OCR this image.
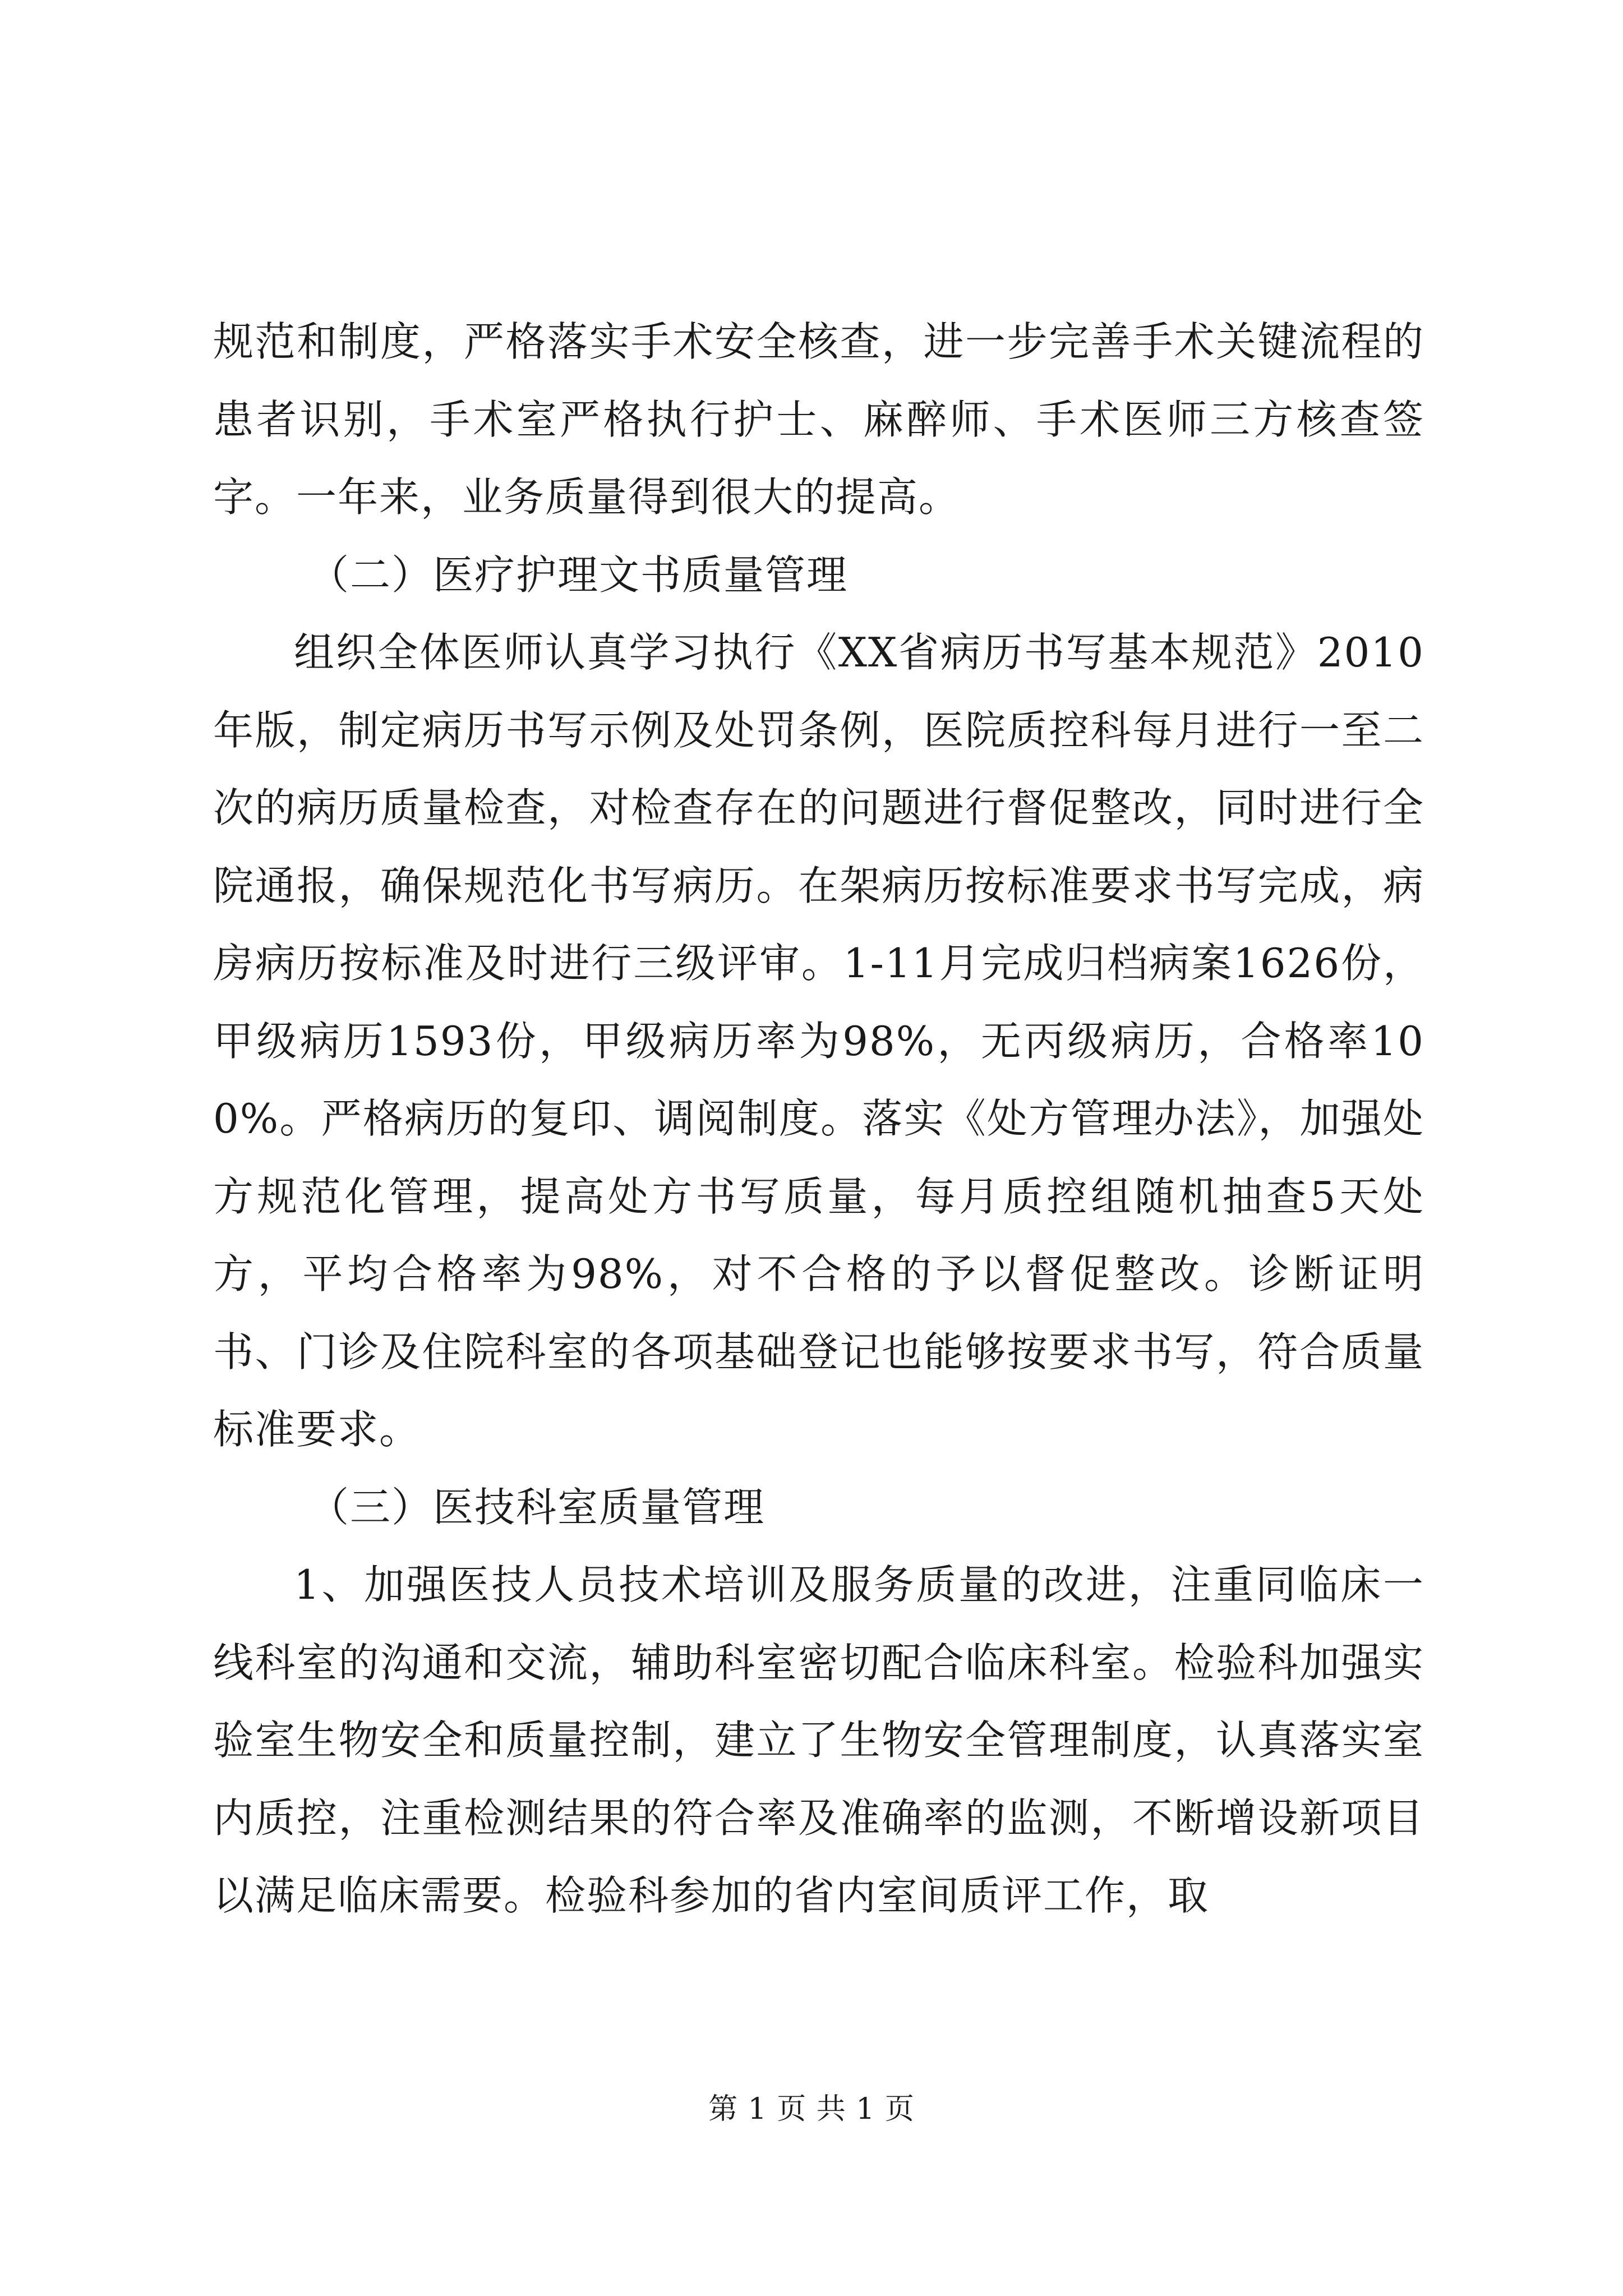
规范和制度，严格落实手术安全核查，进一步完善手术关键流程的患者识别，手术室严格执行护士、麻醉师、手术医师三方核查签字。一年来，业务质量得到很大的提高。

（二）医疗护理文书质量管理

组织全体医师认真学习执行《XX省病历书写基本规范》2010年版，制定病历书写示例及处罚条例，医院质控科每月进行一至二次的病历质量检查，对检查存在的问题进行督促整改，同时进行全院通报，确保规范化书写病历。在架病历按标准要求书写完成，病房病历按标准及时进行三级评审。1-11月完成归档病案1626份，甲级病历1593份，甲级病历率为98%，无丙级病历，合格率100%。严格病历的复印、调阅制度。落实《处方管理办法》，加强处方规范化管理，提高处方书写质量，每月质控组随机抽查5天处方，平均合格率为98%，对不合格的予以督促整改。诊断证明书、门诊及住院科室的各项基础登记也能够按要求书写，符合质量标准要求。

（三）医技科室质量管理

1、加强医技人员技术培训及服务质量的改进，注重同临床一线科室的沟通和交流，辅助科室密切配合临床科室。检验科加强实验室生物安全和质量控制，建立了生物安全管理制度，认真落实室内质控，注重检测结果的符合率及准确率的监测，不断增设新项目以满足临床需要。检验科参加的省内室间质评工作，取

第 1 页 共 1 页
